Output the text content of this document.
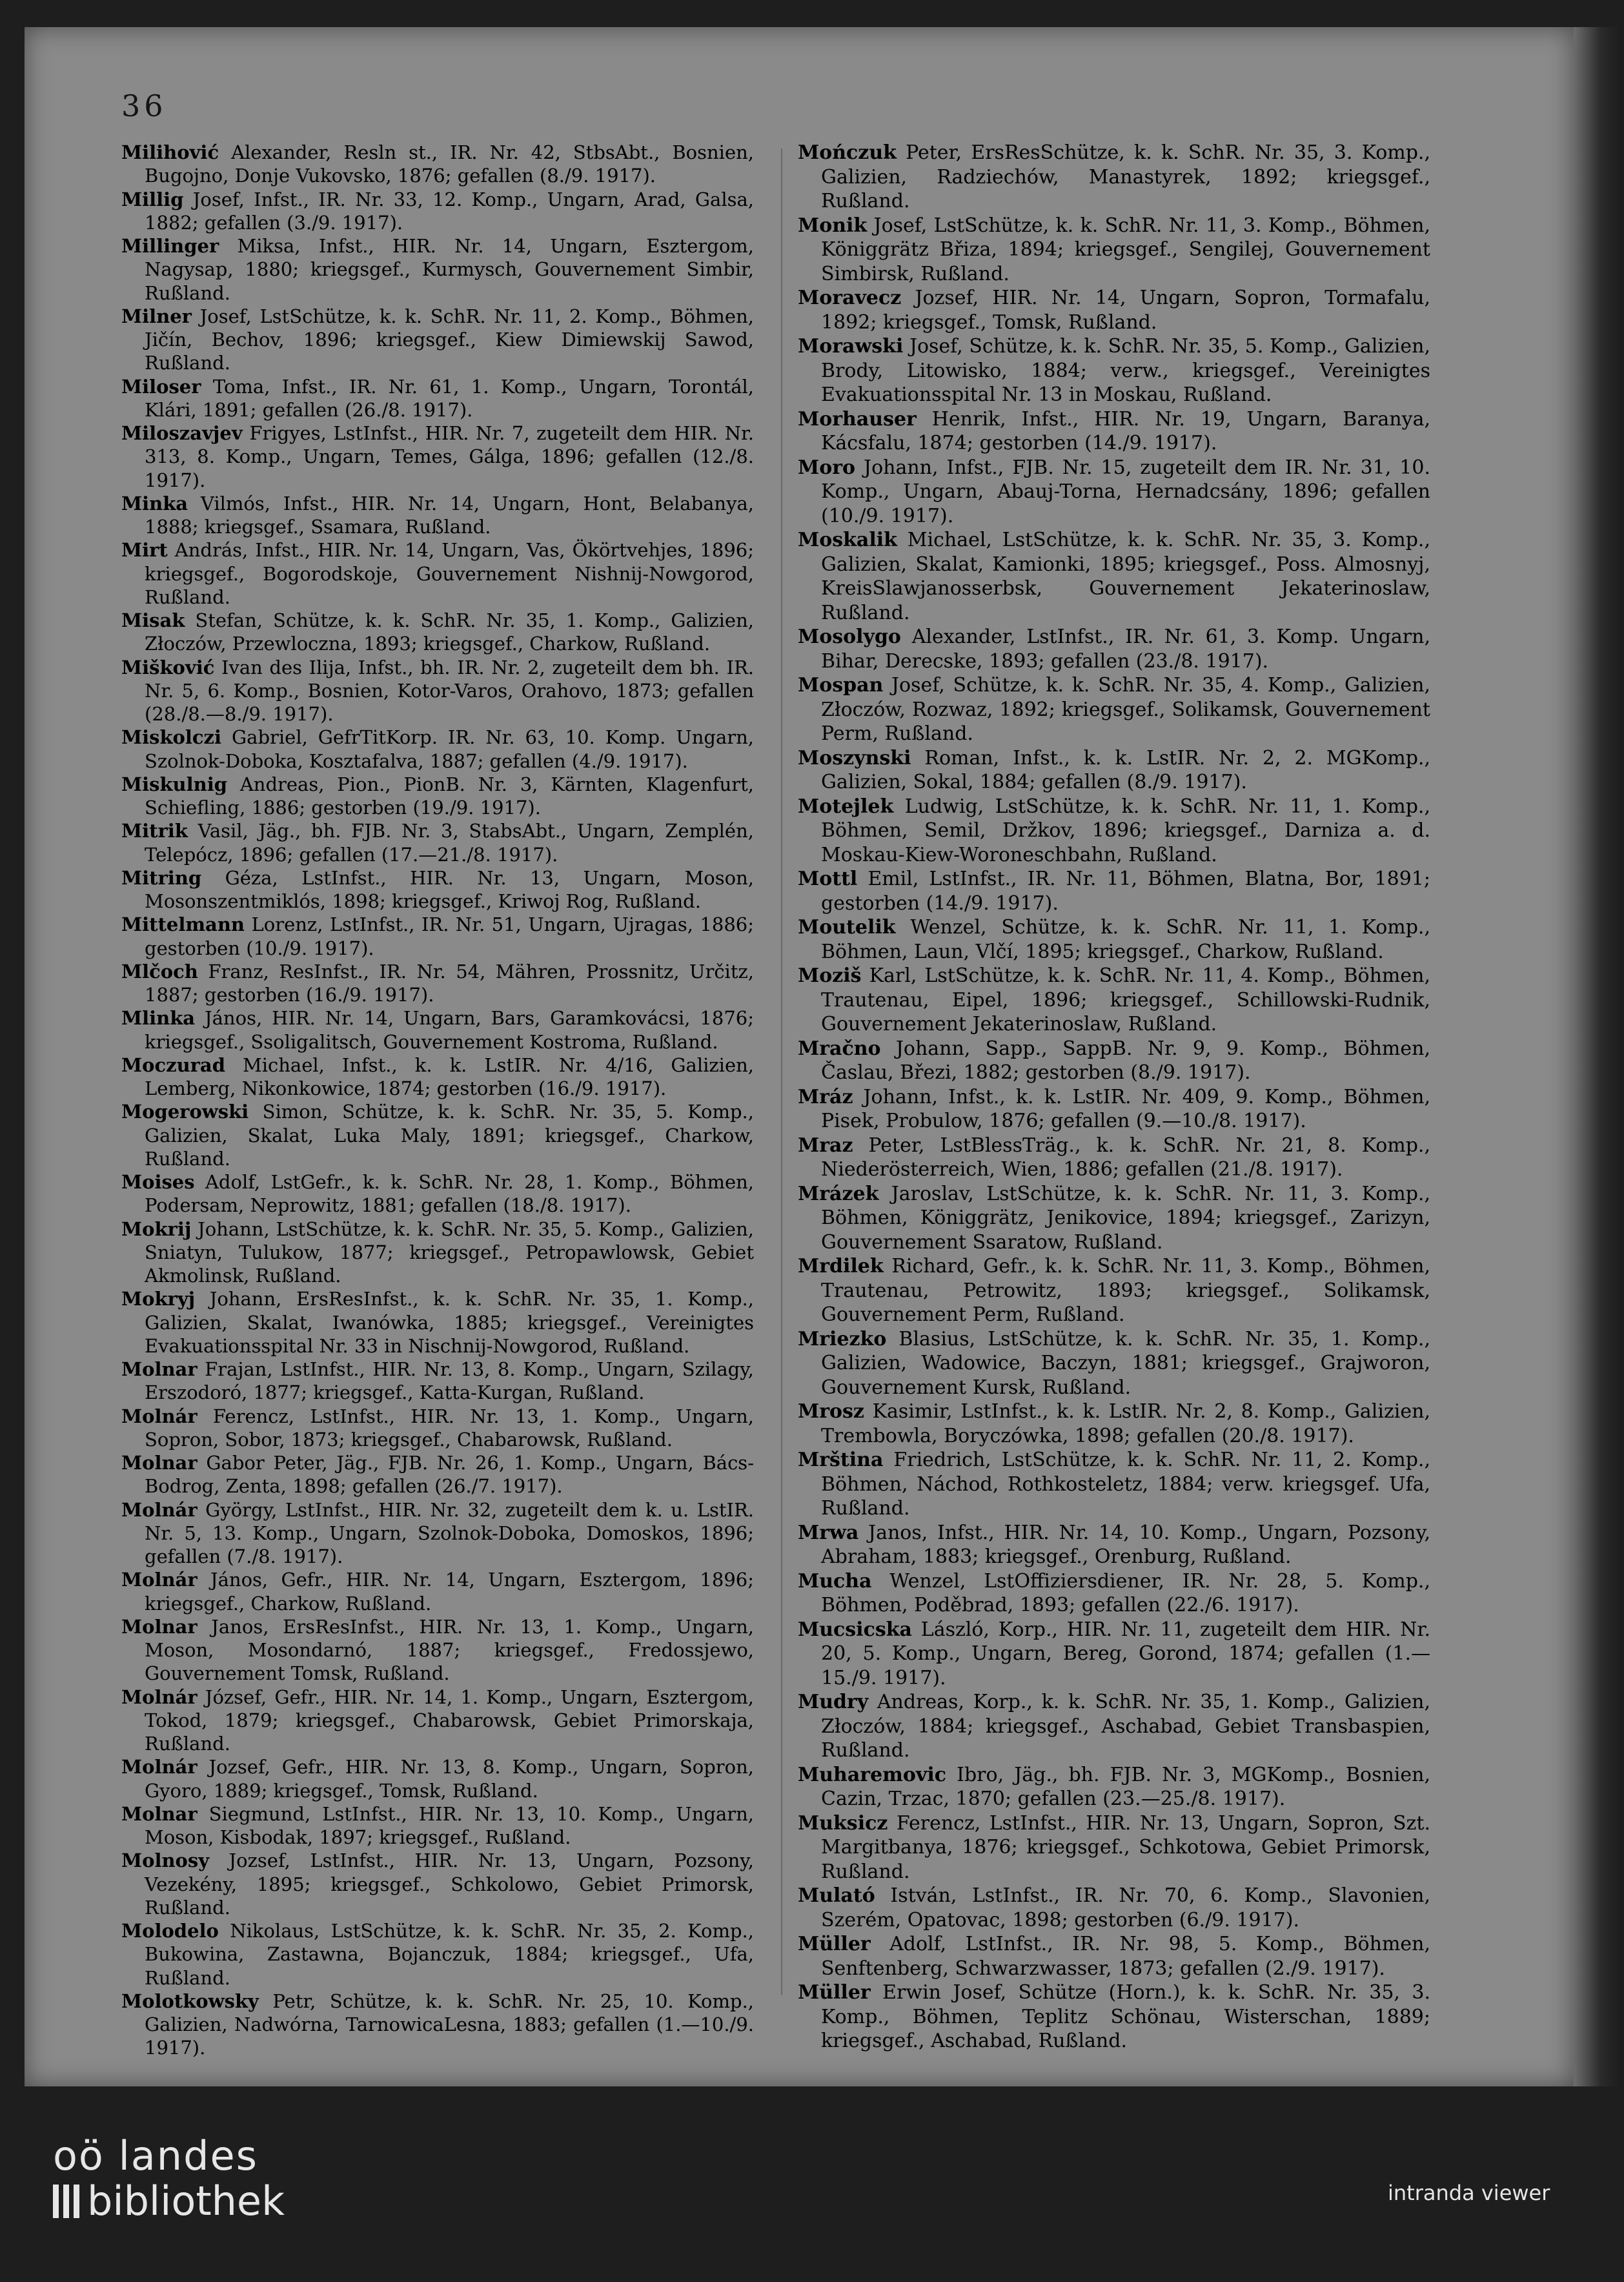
36

Milihović Alexander, Resln st., IR. Nr. 42, StbsAbt., Bosnien, Bugojno, Donje Vukovsko, 1876; gefallen (8./9. 1917).

Millig Josef, Infst., IR. Nr. 33, 12. Komp., Ungarn, Arad, Galsa, 1882; gefallen (3./9. 1917).

Millinger Miksa, Infst., HIR. Nr. 14, Ungarn, Esztergom, Nagysap, 1880; kriegsgef., Kurmysch, Gouvernement Simbir, Rußland.

Milner Josef, LstSchütze, k. k. SchR. Nr. 11, 2. Komp., Böhmen, Jičín, Bechov, 1896; kriegsgef., Kiew Dimiewskij Sawod, Rußland.

Miloser Toma, Infst., IR. Nr. 61, 1. Komp., Ungarn, Torontál, Klári, 1891; gefallen (26./8. 1917).

Miloszavjev Frigyes, LstInfst., HIR. Nr. 7, zugeteilt dem HIR. Nr. 313, 8. Komp., Ungarn, Temes, Gálga, 1896; gefallen (12./8. 1917).

Minka Vilmós, Infst., HIR. Nr. 14, Ungarn, Hont, Belabanya, 1888; kriegsgef., Ssamara, Rußland.

Mirt András, Infst., HIR. Nr. 14, Ungarn, Vas, Ökörtvehjes, 1896; kriegsgef., Bogorodskoje, Gouvernement Nishnij-Nowgorod, Rußland.

Misak Stefan, Schütze, k. k. SchR. Nr. 35, 1. Komp., Galizien, Złoczów, Przewloczna, 1893; kriegsgef., Charkow, Rußland.

Mišković Ivan des Ilija, Infst., bh. IR. Nr. 2, zugeteilt dem bh. IR. Nr. 5, 6. Komp., Bosnien, Kotor-Varos, Orahovo, 1873; gefallen (28./8.—8./9. 1917).

Miskolczi Gabriel, GefrTitKorp. IR. Nr. 63, 10. Komp. Ungarn, Szolnok-Doboka, Kosztafalva, 1887; gefallen (4./9. 1917).

Miskulnig Andreas, Pion., PionB. Nr. 3, Kärnten, Klagenfurt, Schiefling, 1886; gestorben (19./9. 1917).

Mitrik Vasil, Jäg., bh. FJB. Nr. 3, StabsAbt., Ungarn, Zemplén, Telepócz, 1896; gefallen (17.—21./8. 1917).

Mitring Géza, LstInfst., HIR. Nr. 13, Ungarn, Moson, Mosonszentmiklós, 1898; kriegsgef., Kriwoj Rog, Rußland.

Mittelmann Lorenz, LstInfst., IR. Nr. 51, Ungarn, Ujragas, 1886; gestorben (10./9. 1917).

Mlčoch Franz, ResInfst., IR. Nr. 54, Mähren, Prossnitz, Určitz, 1887; gestorben (16./9. 1917).

Mlinka János, HIR. Nr. 14, Ungarn, Bars, Garamkovácsi, 1876; kriegsgef., Ssoligalitsch, Gouvernement Kostroma, Rußland.

Moczurad Michael, Infst., k. k. LstIR. Nr. 4/16, Galizien, Lemberg, Nikonkowice, 1874; gestorben (16./9. 1917).

Mogerowski Simon, Schütze, k. k. SchR. Nr. 35, 5. Komp., Galizien, Skalat, Luka Maly, 1891; kriegsgef., Charkow, Rußland.

Moises Adolf, LstGefr., k. k. SchR. Nr. 28, 1. Komp., Böhmen, Podersam, Neprowitz, 1881; gefallen (18./8. 1917).

Mokrij Johann, LstSchütze, k. k. SchR. Nr. 35, 5. Komp., Galizien, Sniatyn, Tulukow, 1877; kriegsgef., Petropawlowsk, Gebiet Akmolinsk, Rußland.

Mokryj Johann, ErsResInfst., k. k. SchR. Nr. 35, 1. Komp., Galizien, Skalat, Iwanówka, 1885; kriegsgef., Vereinigtes Evakuationsspital Nr. 33 in Nischnij-Nowgorod, Rußland.

Molnar Frajan, LstInfst., HIR. Nr. 13, 8. Komp., Ungarn, Szilagy, Erszodoró, 1877; kriegsgef., Katta-Kurgan, Rußland.

Molnár Ferencz, LstInfst., HIR. Nr. 13, 1. Komp., Ungarn, Sopron, Sobor, 1873; kriegsgef., Chabarowsk, Rußland.

Molnar Gabor Peter, Jäg., FJB. Nr. 26, 1. Komp., Ungarn, Bács-Bodrog, Zenta, 1898; gefallen (26./7. 1917).

Molnár György, LstInfst., HIR. Nr. 32, zugeteilt dem k. u. LstIR. Nr. 5, 13. Komp., Ungarn, Szolnok-Doboka, Domoskos, 1896; gefallen (7./8. 1917).

Molnár János, Gefr., HIR. Nr. 14, Ungarn, Esztergom, 1896; kriegsgef., Charkow, Rußland.

Molnar Janos, ErsResInfst., HIR. Nr. 13, 1. Komp., Ungarn, Moson, Mosondarnó, 1887; kriegsgef., Fredossjewo, Gouvernement Tomsk, Rußland.

Molnár József, Gefr., HIR. Nr. 14, 1. Komp., Ungarn, Esztergom, Tokod, 1879; kriegsgef., Chabarowsk, Gebiet Primorskaja, Rußland.

Molnár Jozsef, Gefr., HIR. Nr. 13, 8. Komp., Ungarn, Sopron, Gyoro, 1889; kriegsgef., Tomsk, Rußland.

Molnar Siegmund, LstInfst., HIR. Nr. 13, 10. Komp., Ungarn, Moson, Kisbodak, 1897; kriegsgef., Rußland.

Molnosy Jozsef, LstInfst., HIR. Nr. 13, Ungarn, Pozsony, Vezekény, 1895; kriegsgef., Schkolowo, Gebiet Primorsk, Rußland.

Molodelo Nikolaus, LstSchütze, k. k. SchR. Nr. 35, 2. Komp., Bukowina, Zastawna, Bojanczuk, 1884; kriegsgef., Ufa, Rußland.

Molotkowsky Petr, Schütze, k. k. SchR. Nr. 25, 10. Komp., Galizien, Nadwórna, TarnowicaLesna, 1883; gefallen (1.—10./9. 1917).

Mończuk Peter, ErsResSchütze, k. k. SchR. Nr. 35, 3. Komp., Galizien, Radziechów, Manastyrek, 1892; kriegsgef., Rußland.

Monik Josef, LstSchütze, k. k. SchR. Nr. 11, 3. Komp., Böhmen, Königgrätz Břiza, 1894; kriegsgef., Sengilej, Gouvernement Simbirsk, Rußland.

Moravecz Jozsef, HIR. Nr. 14, Ungarn, Sopron, Tormafalu, 1892; kriegsgef., Tomsk, Rußland.

Morawski Josef, Schütze, k. k. SchR. Nr. 35, 5. Komp., Galizien, Brody, Litowisko, 1884; verw., kriegsgef., Vereinigtes Evakuationsspital Nr. 13 in Moskau, Rußland.

Morhauser Henrik, Infst., HIR. Nr. 19, Ungarn, Baranya, Kácsfalu, 1874; gestorben (14./9. 1917).

Moro Johann, Infst., FJB. Nr. 15, zugeteilt dem IR. Nr. 31, 10. Komp., Ungarn, Abauj-Torna, Hernadcsány, 1896; gefallen (10./9. 1917).

Moskalik Michael, LstSchütze, k. k. SchR. Nr. 35, 3. Komp., Galizien, Skalat, Kamionki, 1895; kriegsgef., Poss. Almosnyj, KreisSlawjanosserbsk, Gouvernement Jekaterinoslaw, Rußland.

Mosolygo Alexander, LstInfst., IR. Nr. 61, 3. Komp. Ungarn, Bihar, Derecske, 1893; gefallen (23./8. 1917).

Mospan Josef, Schütze, k. k. SchR. Nr. 35, 4. Komp., Galizien, Złoczów, Rozwaz, 1892; kriegsgef., Solikamsk, Gouvernement Perm, Rußland.

Moszynski Roman, Infst., k. k. LstIR. Nr. 2, 2. MGKomp., Galizien, Sokal, 1884; gefallen (8./9. 1917).

Motejlek Ludwig, LstSchütze, k. k. SchR. Nr. 11, 1. Komp., Böhmen, Semil, Držkov, 1896; kriegsgef., Darniza a. d. Moskau-Kiew-Woroneschbahn, Rußland.

Mottl Emil, LstInfst., IR. Nr. 11, Böhmen, Blatna, Bor, 1891; gestorben (14./9. 1917).

Moutelik Wenzel, Schütze, k. k. SchR. Nr. 11, 1. Komp., Böhmen, Laun, Vlčí, 1895; kriegsgef., Charkow, Rußland.

Moziš Karl, LstSchütze, k. k. SchR. Nr. 11, 4. Komp., Böhmen, Trautenau, Eipel, 1896; kriegsgef., Schillowski-Rudnik, Gouvernement Jekaterinoslaw, Rußland.

Mračno Johann, Sapp., SappB. Nr. 9, 9. Komp., Böhmen, Časlau, Březi, 1882; gestorben (8./9. 1917).

Mráz Johann, Infst., k. k. LstIR. Nr. 409, 9. Komp., Böhmen, Pisek, Probulow, 1876; gefallen (9.—10./8. 1917).

Mraz Peter, LstBlessTräg., k. k. SchR. Nr. 21, 8. Komp., Niederösterreich, Wien, 1886; gefallen (21./8. 1917).

Mrázek Jaroslav, LstSchütze, k. k. SchR. Nr. 11, 3. Komp., Böhmen, Königgrätz, Jenikovice, 1894; kriegsgef., Zarizyn, Gouvernement Ssaratow, Rußland.

Mrdilek Richard, Gefr., k. k. SchR. Nr. 11, 3. Komp., Böhmen, Trautenau, Petrowitz, 1893; kriegsgef., Solikamsk, Gouvernement Perm, Rußland.

Mriezko Blasius, LstSchütze, k. k. SchR. Nr. 35, 1. Komp., Galizien, Wadowice, Baczyn, 1881; kriegsgef., Grajworon, Gouvernement Kursk, Rußland.

Mrosz Kasimir, LstInfst., k. k. LstIR. Nr. 2, 8. Komp., Galizien, Trembowla, Boryczówka, 1898; gefallen (20./8. 1917).

Mrština Friedrich, LstSchütze, k. k. SchR. Nr. 11, 2. Komp., Böhmen, Náchod, Rothkosteletz, 1884; verw. kriegsgef. Ufa, Rußland.

Mrwa Janos, Infst., HIR. Nr. 14, 10. Komp., Ungarn, Pozsony, Abraham, 1883; kriegsgef., Orenburg, Rußland.

Mucha Wenzel, LstOffiziersdiener, IR. Nr. 28, 5. Komp., Böhmen, Poděbrad, 1893; gefallen (22./6. 1917).

Mucsicska László, Korp., HIR. Nr. 11, zugeteilt dem HIR. Nr. 20, 5. Komp., Ungarn, Bereg, Gorond, 1874; gefallen (1.—15./9. 1917).

Mudry Andreas, Korp., k. k. SchR. Nr. 35, 1. Komp., Galizien, Złoczów, 1884; kriegsgef., Aschabad, Gebiet Transbaspien, Rußland.

Muharemovic Ibro, Jäg., bh. FJB. Nr. 3, MGKomp., Bosnien, Cazin, Trzac, 1870; gefallen (23.—25./8. 1917).

Muksicz Ferencz, LstInfst., HIR. Nr. 13, Ungarn, Sopron, Szt. Margitbanya, 1876; kriegsgef., Schkotowa, Gebiet Primorsk, Rußland.

Mulató István, LstInfst., IR. Nr. 70, 6. Komp., Slavonien, Szerém, Opatovac, 1898; gestorben (6./9. 1917).

Müller Adolf, LstInfst., IR. Nr. 98, 5. Komp., Böhmen, Senftenberg, Schwarzwasser, 1873; gefallen (2./9. 1917).

Müller Erwin Josef, Schütze (Horn.), k. k. SchR. Nr. 35, 3. Komp., Böhmen, Teplitz Schönau, Wisterschan, 1889; kriegsgef., Aschabad, Rußland.

oö landes
bibliothek	intranda viewer
